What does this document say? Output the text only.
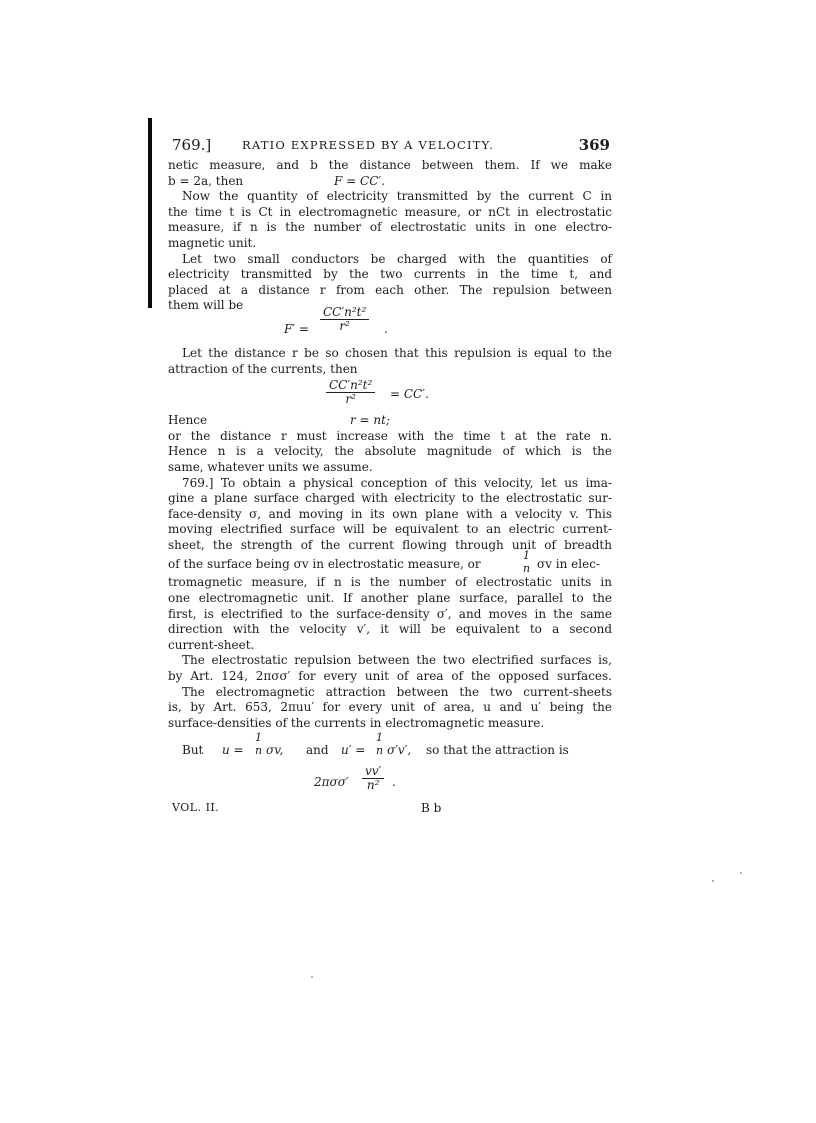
769.]	RATIO EXPRESSED BY A VELOCITY.	369
netic measure, and b the distance between them. If we make
b = 2a, then	F = CC′.
Now the quantity of electricity transmitted by the current C in
the time t is Ct in electromagnetic measure, or nCt in electrostatic
measure, if n is the number of electrostatic units in one electro-
magnetic unit.
Let two small conductors be charged with the quantities of
electricity transmitted by the two currents in the time t, and
placed at a distance r from each other. The repulsion between
them will be
$F' = \frac{\text{CC′n²t²}}{\text{r²}}$ .
Let the distance r be so chosen that this repulsion is equal to the
attraction of the currents, then
$\frac{\text{CC′n²t²}}{\text{r²}} = CC'$.
Hence	r = nt;
or the distance r must increase with the time t at the rate n.
Hence n is a velocity, the absolute magnitude of which is the
same, whatever units we assume.
769.] To obtain a physical conception of this velocity, let us ima-
gine a plane surface charged with electricity to the electrostatic sur-
face-density σ, and moving in its own plane with a velocity v. This
moving electrified surface will be equivalent to an electric current-
sheet, the strength of the current flowing through unit of breadth
of the surface being σv in electrostatic measure, or
1
n σv in elec-
tromagnetic measure, if n is the number of electrostatic units in
one electromagnetic unit. If another plane surface, parallel to the
first, is electrified to the surface-density σ′, and moves in the same
direction with the velocity v′, it will be equivalent to a second
current-sheet.
The electrostatic repulsion between the two electrified surfaces is,
by Art. 124, 2πσσ′ for every unit of area of the opposed surfaces.
The electromagnetic attraction between the two current-sheets
is, by Art. 653, 2πuu′ for every unit of area, u and u′ being the
surface-densities of the currents in electromagnetic measure.
But u =
1
n σv, and u′ =
1
n σ′v′, so that the attraction is
$2\pi\sigma\sigma' \frac{vv'}{\text{n²}}$ .
VOL. II.	B b
